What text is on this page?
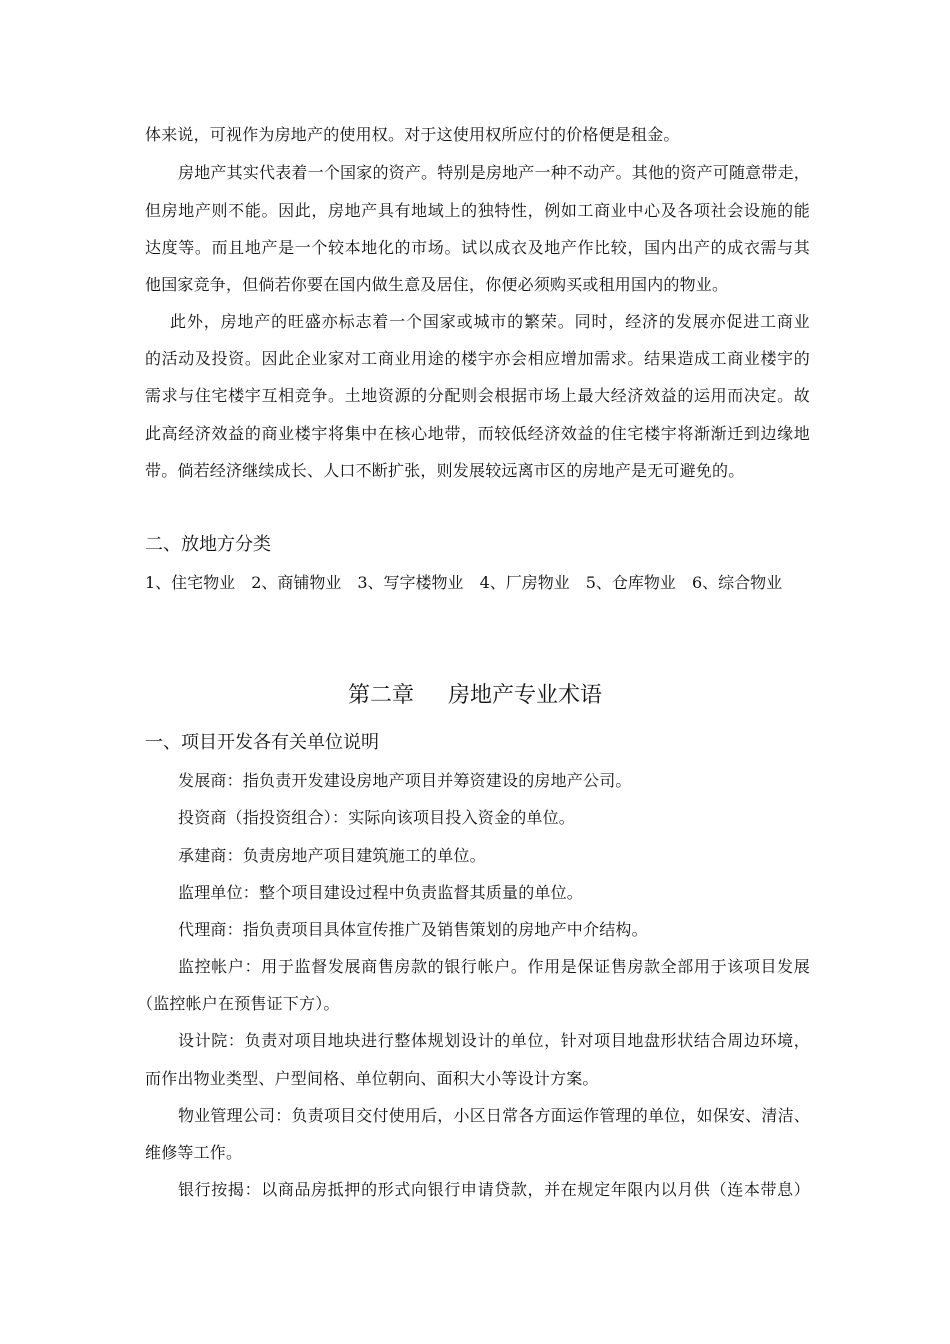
体来说，可视作为房地产的使用权。对于这使用权所应付的价格便是租金。
房地产其实代表着一个国家的资产。特别是房地产一种不动产。其他的资产可随意带走，
但房地产则不能。因此，房地产具有地域上的独特性，例如工商业中心及各项社会设施的能
达度等。而且地产是一个较本地化的市场。试以成衣及地产作比较，国内出产的成衣需与其
他国家竞争，但倘若你要在国内做生意及居住，你便必须购买或租用国内的物业。
此外，房地产的旺盛亦标志着一个国家或城市的繁荣。同时，经济的发展亦促进工商业
的活动及投资。因此企业家对工商业用途的楼宇亦会相应增加需求。结果造成工商业楼宇的
需求与住宅楼宇互相竞争。土地资源的分配则会根据市场上最大经济效益的运用而决定。故
此高经济效益的商业楼宇将集中在核心地带，而较低经济效益的住宅楼宇将渐渐迁到边缘地
带。倘若经济继续成长、人口不断扩张，则发展较远离市区的房地产是无可避免的。
二、放地方分类
1、住宅物业 2、商铺物业 3、写字楼物业 4、厂房物业 5、仓库物业 6、综合物业
第二章 房地产专业术语
一、项目开发各有关单位说明
发展商：指负责开发建设房地产项目并筹资建设的房地产公司。
投资商（指投资组合）：实际向该项目投入资金的单位。
承建商：负责房地产项目建筑施工的单位。
监理单位：整个项目建设过程中负责监督其质量的单位。
代理商：指负责项目具体宣传推广及销售策划的房地产中介结构。
监控帐户：用于监督发展商售房款的银行帐户。作用是保证售房款全部用于该项目发展
（监控帐户在预售证下方）。
设计院：负责对项目地块进行整体规划设计的单位，针对项目地盘形状结合周边环境，
而作出物业类型、户型间格、单位朝向、面积大小等设计方案。
物业管理公司：负责项目交付使用后，小区日常各方面运作管理的单位，如保安、清洁、
维修等工作。
银行按揭：以商品房抵押的形式向银行申请贷款，并在规定年限内以月供（连本带息）
